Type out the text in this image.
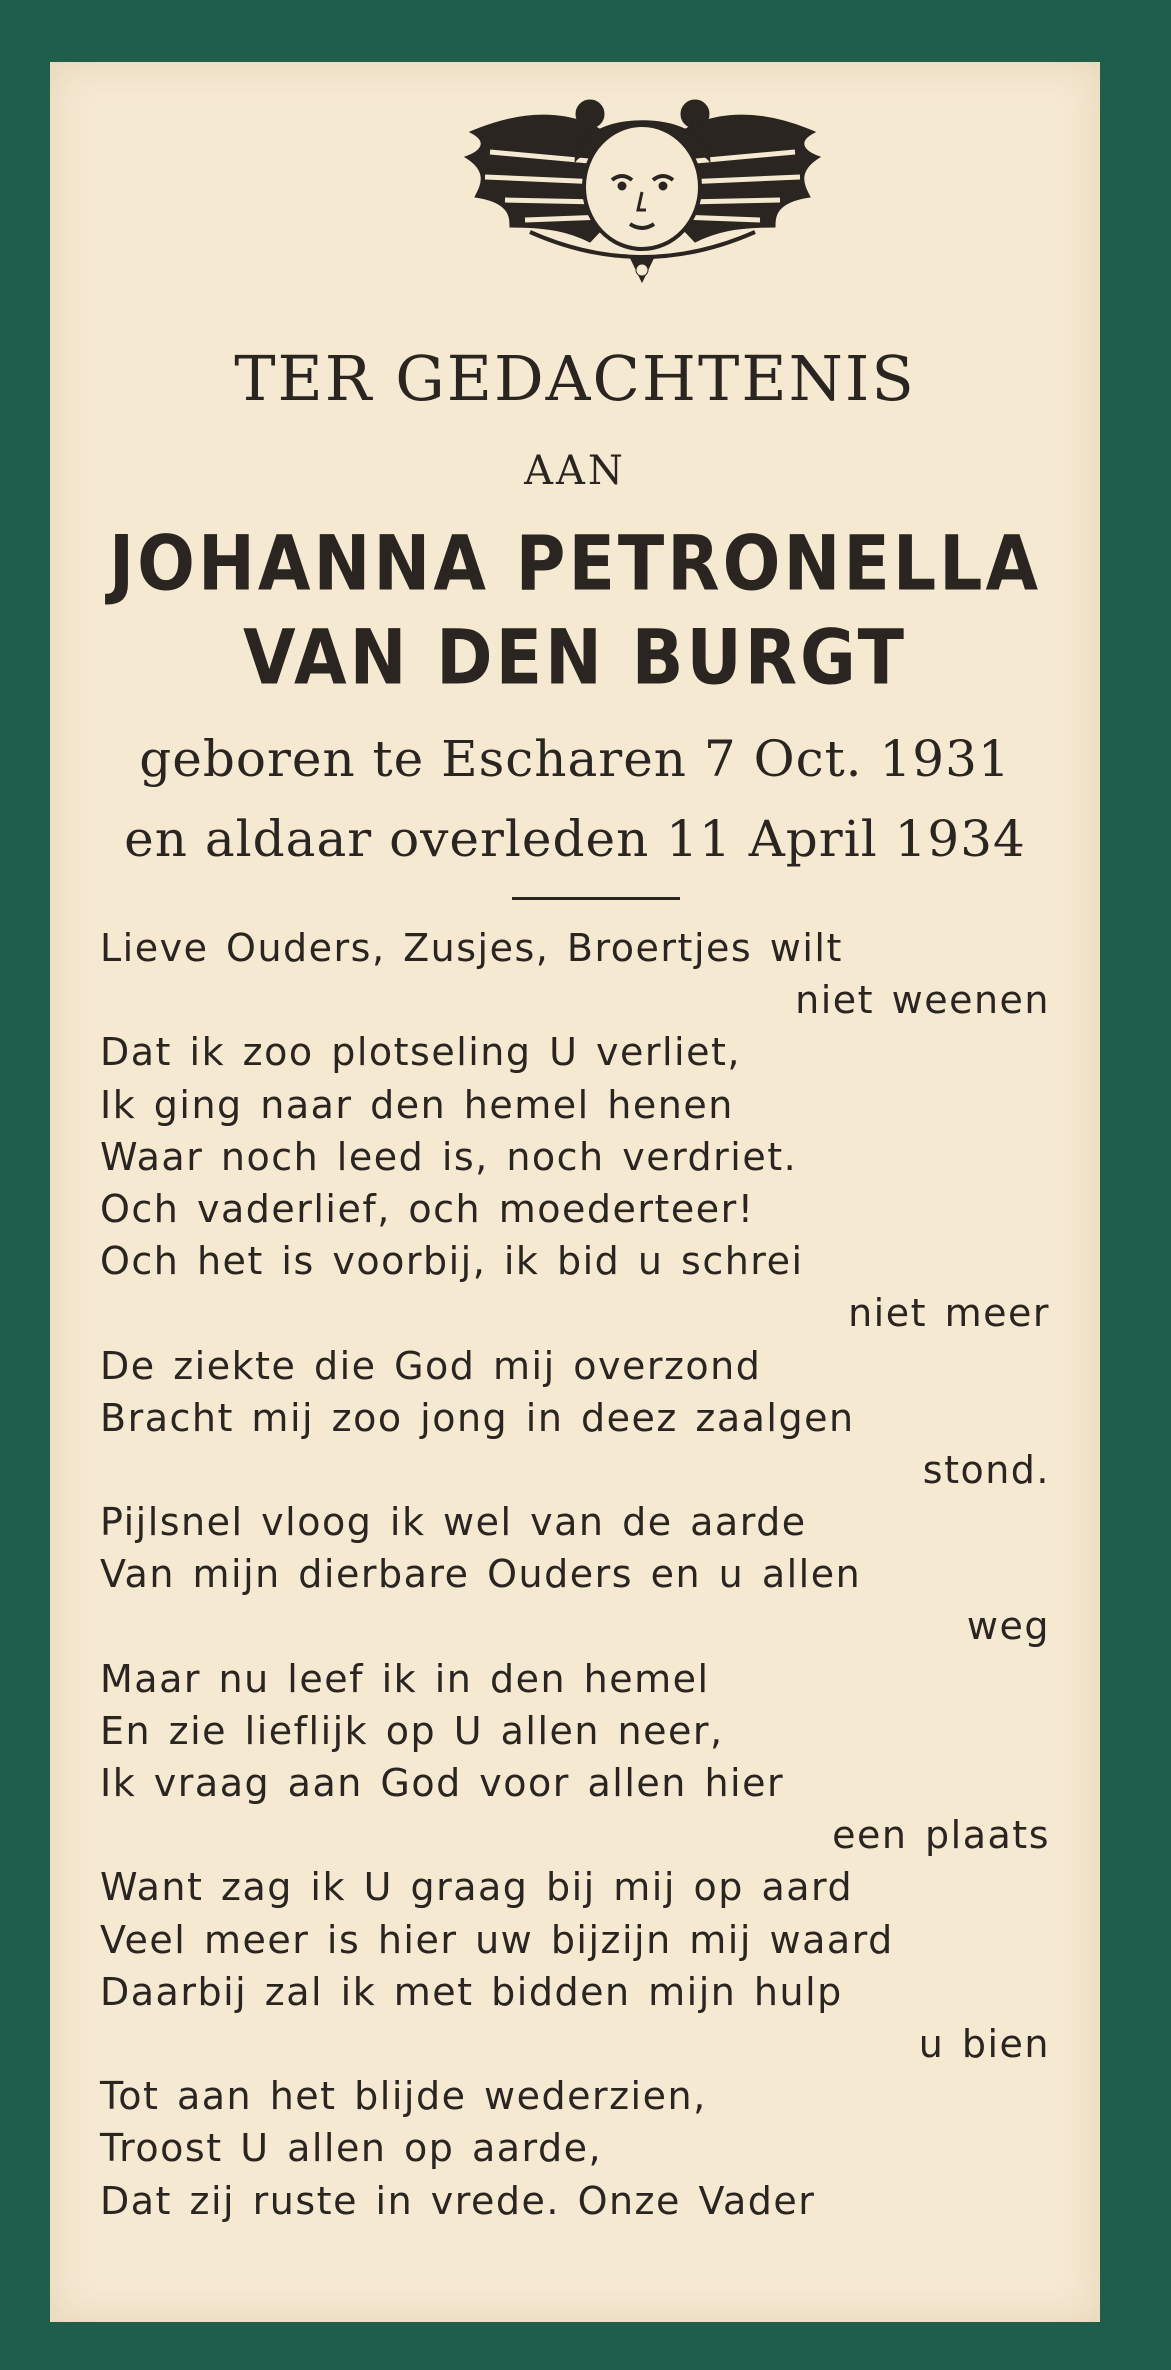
TER GEDACHTENIS
AAN
JOHANNA PETRONELLA
VAN DEN BURGT
geboren te Escharen 7 Oct. 1931
en aldaar overleden 11 April 1934
Lieve Ouders, Zusjes, Broertjes wilt
niet weenen
Dat ik zoo plotseling U verliet,
Ik ging naar den hemel henen
Waar noch leed is, noch verdriet.
Och vaderlief, och moederteer!
Och het is voorbij, ik bid u schrei
niet meer
De ziekte die God mij overzond
Bracht mij zoo jong in deez zaalgen
stond.
Pijlsnel vloog ik wel van de aarde
Van mijn dierbare Ouders en u allen
weg
Maar nu leef ik in den hemel
En zie lieflijk op U allen neer,
Ik vraag aan God voor allen hier
een plaats
Want zag ik U graag bij mij op aard
Veel meer is hier uw bijzijn mij waard
Daarbij zal ik met bidden mijn hulp
u bien
Tot aan het blijde wederzien,
Troost U allen op aarde,
Dat zij ruste in vrede. Onze Vader
